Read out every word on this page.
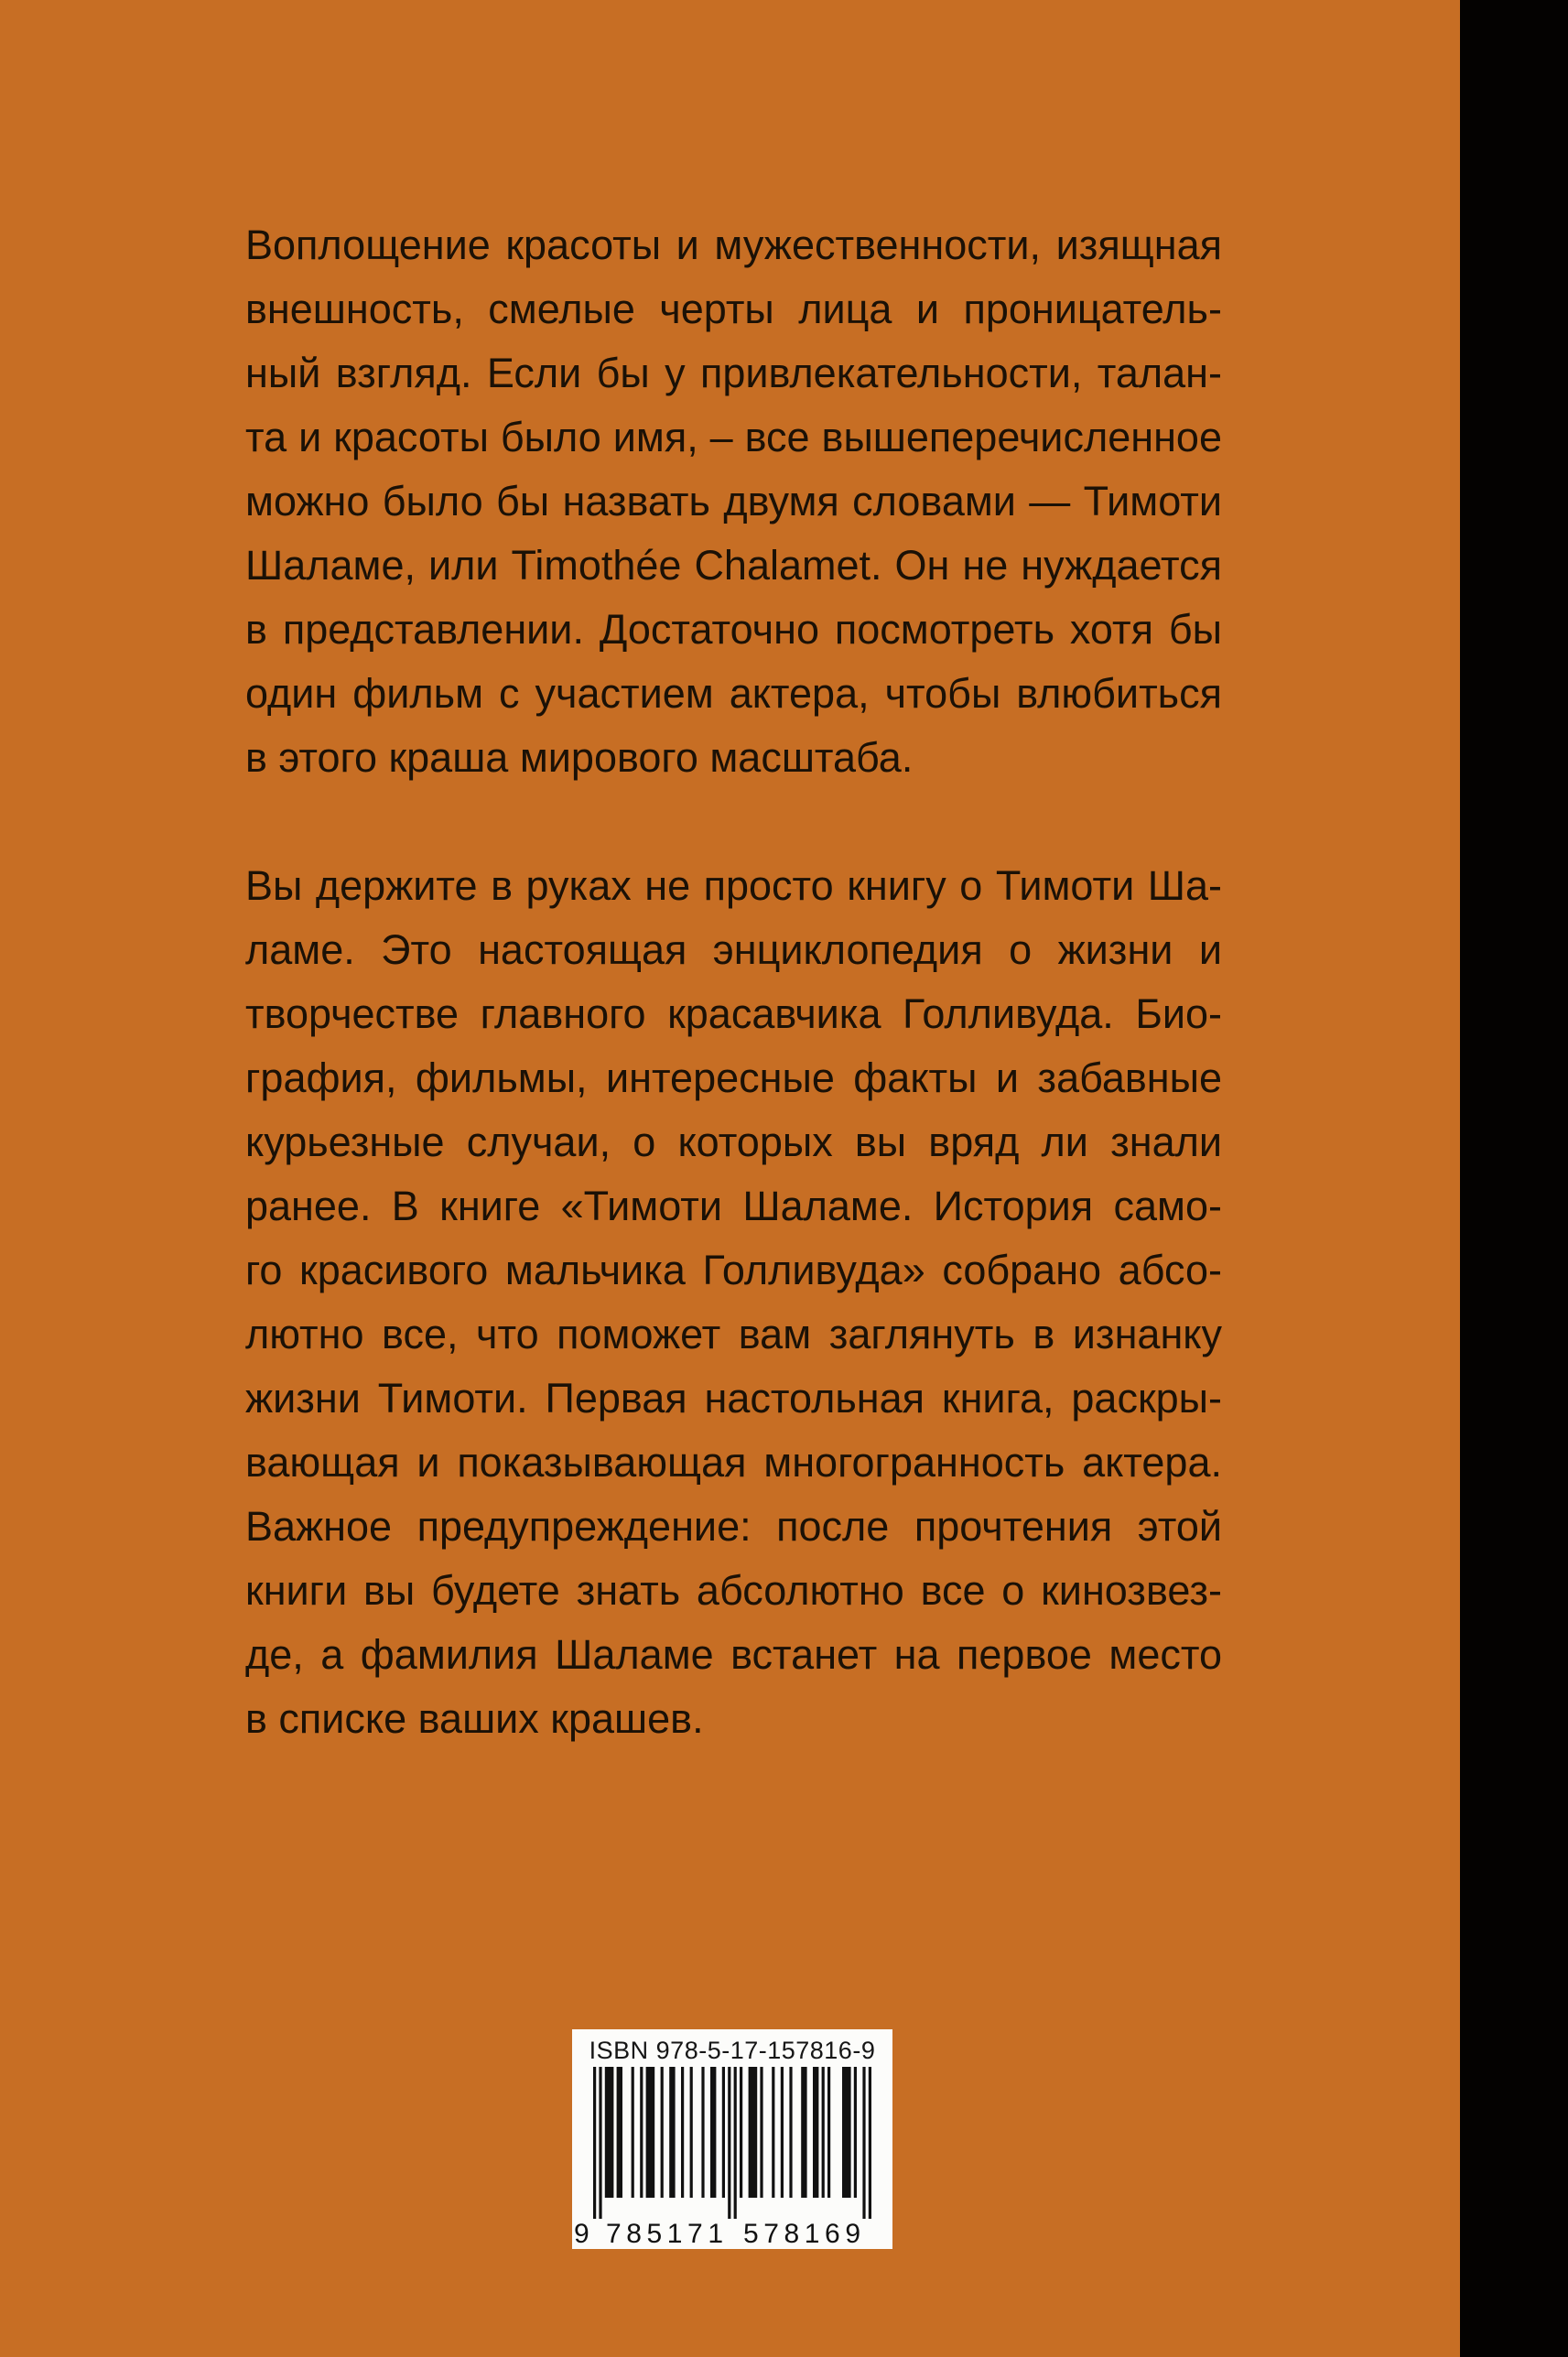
Воплощение красоты и мужественности, изящная
внешность, смелые черты лица и проницатель-
ный взгляд. Если бы у привлекательности, талан-
та и красоты было имя, – все вышеперечисленное
можно было бы назвать двумя словами — Тимоти
Шаламе, или Timothée Chalamet. Он не нуждается
в представлении. Достаточно посмотреть хотя бы
один фильм с участием актера, чтобы влюбиться
в этого краша мирового масштаба.
Вы держите в руках не просто книгу о Тимоти Ша-
ламе. Это настоящая энциклопедия о жизни и
творчестве главного красавчика Голливуда. Био-
графия, фильмы, интересные факты и забавные
курьезные случаи, о которых вы вряд ли знали
ранее. В книге «Тимоти Шаламе. История само-
го красивого мальчика Голливуда» собрано абсо-
лютно все, что поможет вам заглянуть в изнанку
жизни Тимоти. Первая настольная книга, раскры-
вающая и показывающая многогранность актера.
Важное предупреждение: после прочтения этой
книги вы будете знать абсолютно все о кинозвез-
де, а фамилия Шаламе встанет на первое место
в списке ваших крашев.
ISBN 978-5-17-157816-9
9 785171 578169
